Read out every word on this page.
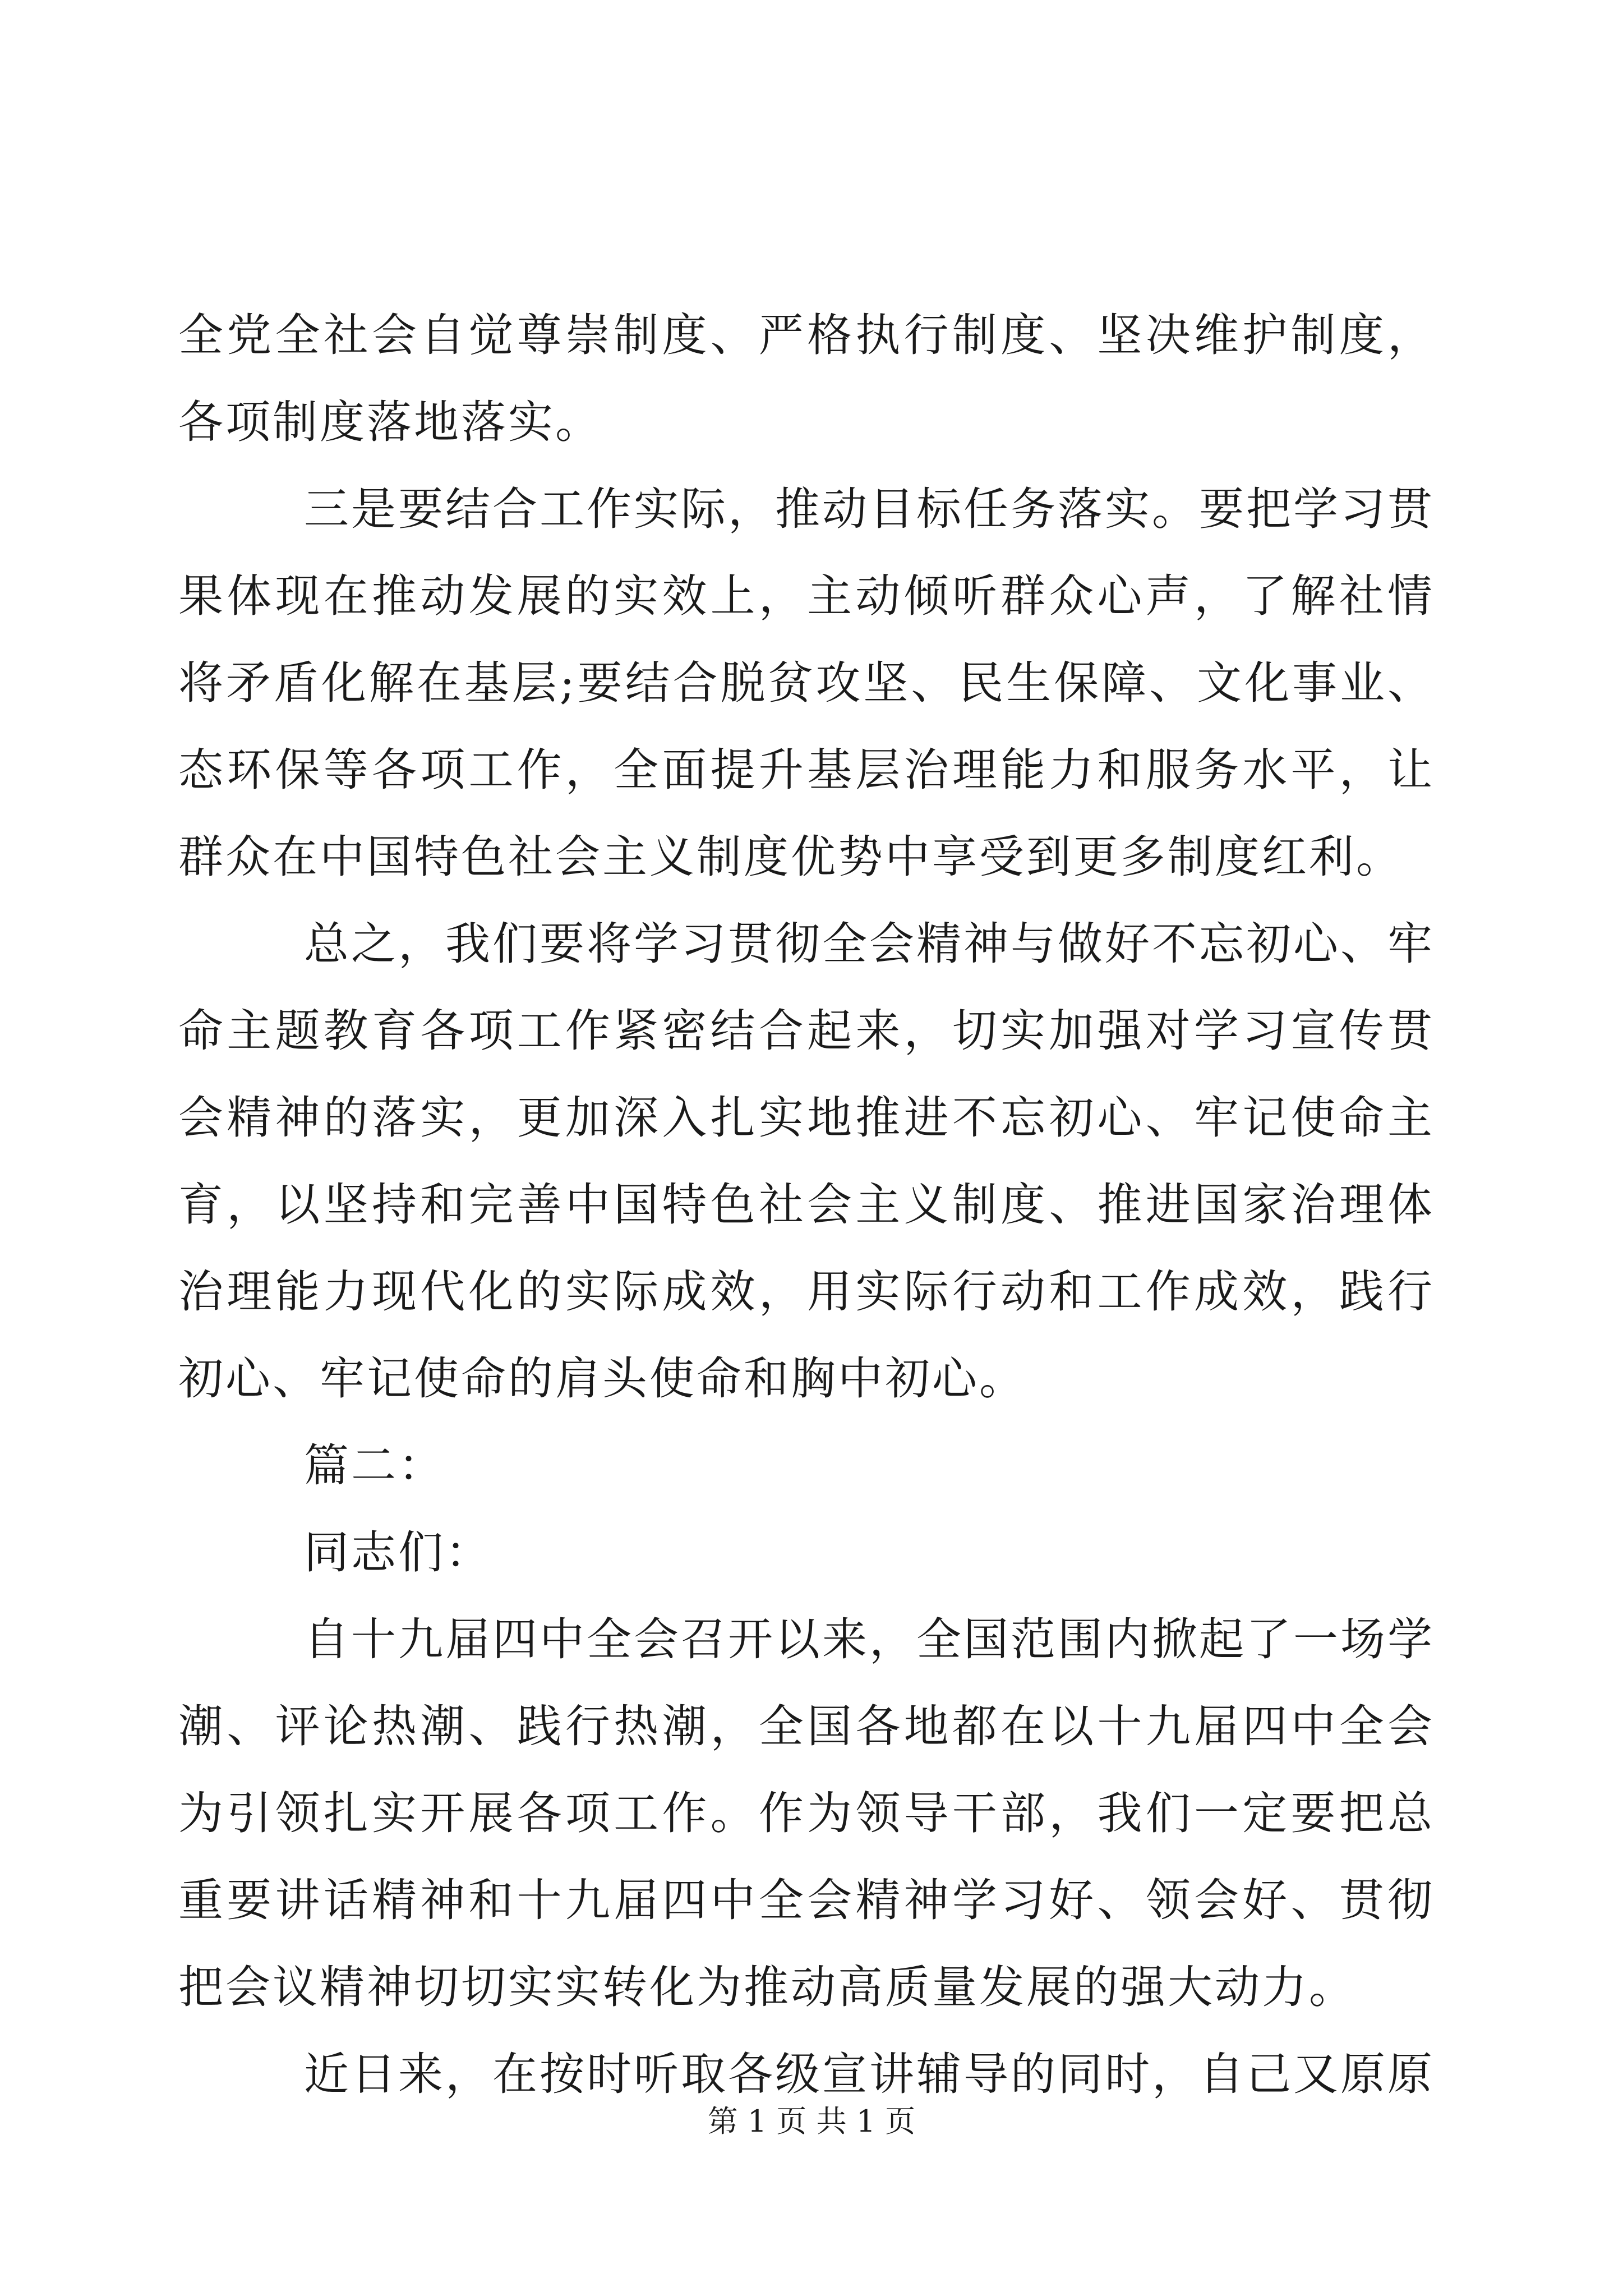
全党全社会自觉尊崇制度、严格执行制度、坚决维护制度，
各项制度落地落实。
三是要结合工作实际，推动目标任务落实。要把学习贯
果体现在推动发展的实效上，主动倾听群众心声，了解社情
将矛盾化解在基层;要结合脱贫攻坚、民生保障、文化事业、
态环保等各项工作，全面提升基层治理能力和服务水平，让
群众在中国特色社会主义制度优势中享受到更多制度红利。
总之，我们要将学习贯彻全会精神与做好不忘初心、牢
命主题教育各项工作紧密结合起来，切实加强对学习宣传贯
会精神的落实，更加深入扎实地推进不忘初心、牢记使命主
育，以坚持和完善中国特色社会主义制度、推进国家治理体
治理能力现代化的实际成效，用实际行动和工作成效，践行
初心、牢记使命的肩头使命和胸中初心。
篇二：
同志们：
自十九届四中全会召开以来，全国范围内掀起了一场学
潮、评论热潮、践行热潮，全国各地都在以十九届四中全会
为引领扎实开展各项工作。作为领导干部，我们一定要把总
重要讲话精神和十九届四中全会精神学习好、领会好、贯彻
把会议精神切切实实转化为推动高质量发展的强大动力。
近日来，在按时听取各级宣讲辅导的同时，自己又原原
第 1 页 共 1 页
